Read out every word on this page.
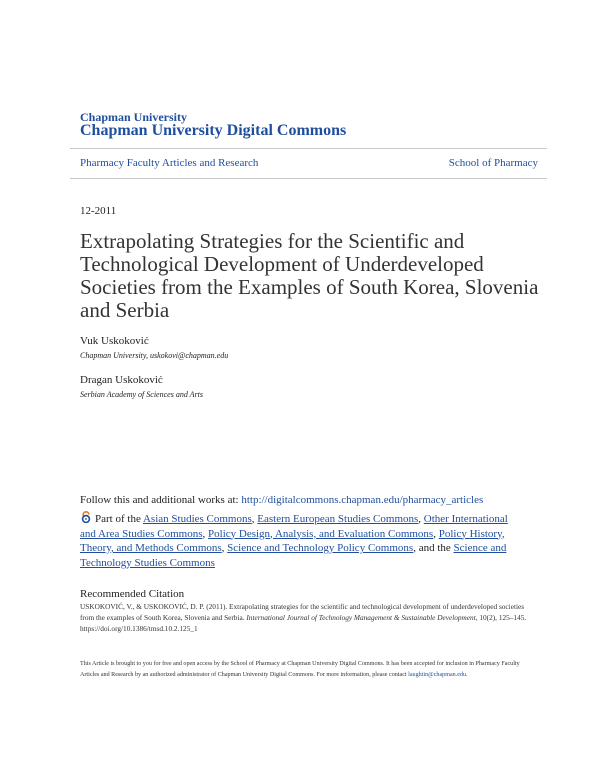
Chapman University
Chapman University Digital Commons
Pharmacy Faculty Articles and Research	School of Pharmacy
12-2011
Extrapolating Strategies for the Scientific and Technological Development of Underdeveloped Societies from the Examples of South Korea, Slovenia and Serbia
Vuk Uskoković
Chapman University, uskokovi@chapman.edu
Dragan Uskoković
Serbian Academy of Sciences and Arts
Follow this and additional works at: http://digitalcommons.chapman.edu/pharmacy_articles
Part of the Asian Studies Commons, Eastern European Studies Commons, Other International and Area Studies Commons, Policy Design, Analysis, and Evaluation Commons, Policy History, Theory, and Methods Commons, Science and Technology Policy Commons, and the Science and Technology Studies Commons
Recommended Citation
USKOKOVIĆ, V., & USKOKOVIĆ, D. P. (2011). Extrapolating strategies for the scientific and technological development of underdeveloped societies from the examples of South Korea, Slovenia and Serbia. International Journal of Technology Management & Sustainable Development, 10(2), 125–145. https://doi.org/10.1386/tmsd.10.2.125_1
This Article is brought to you for free and open access by the School of Pharmacy at Chapman University Digital Commons. It has been accepted for inclusion in Pharmacy Faculty Articles and Research by an authorized administrator of Chapman University Digital Commons. For more information, please contact laughtin@chapman.edu.
